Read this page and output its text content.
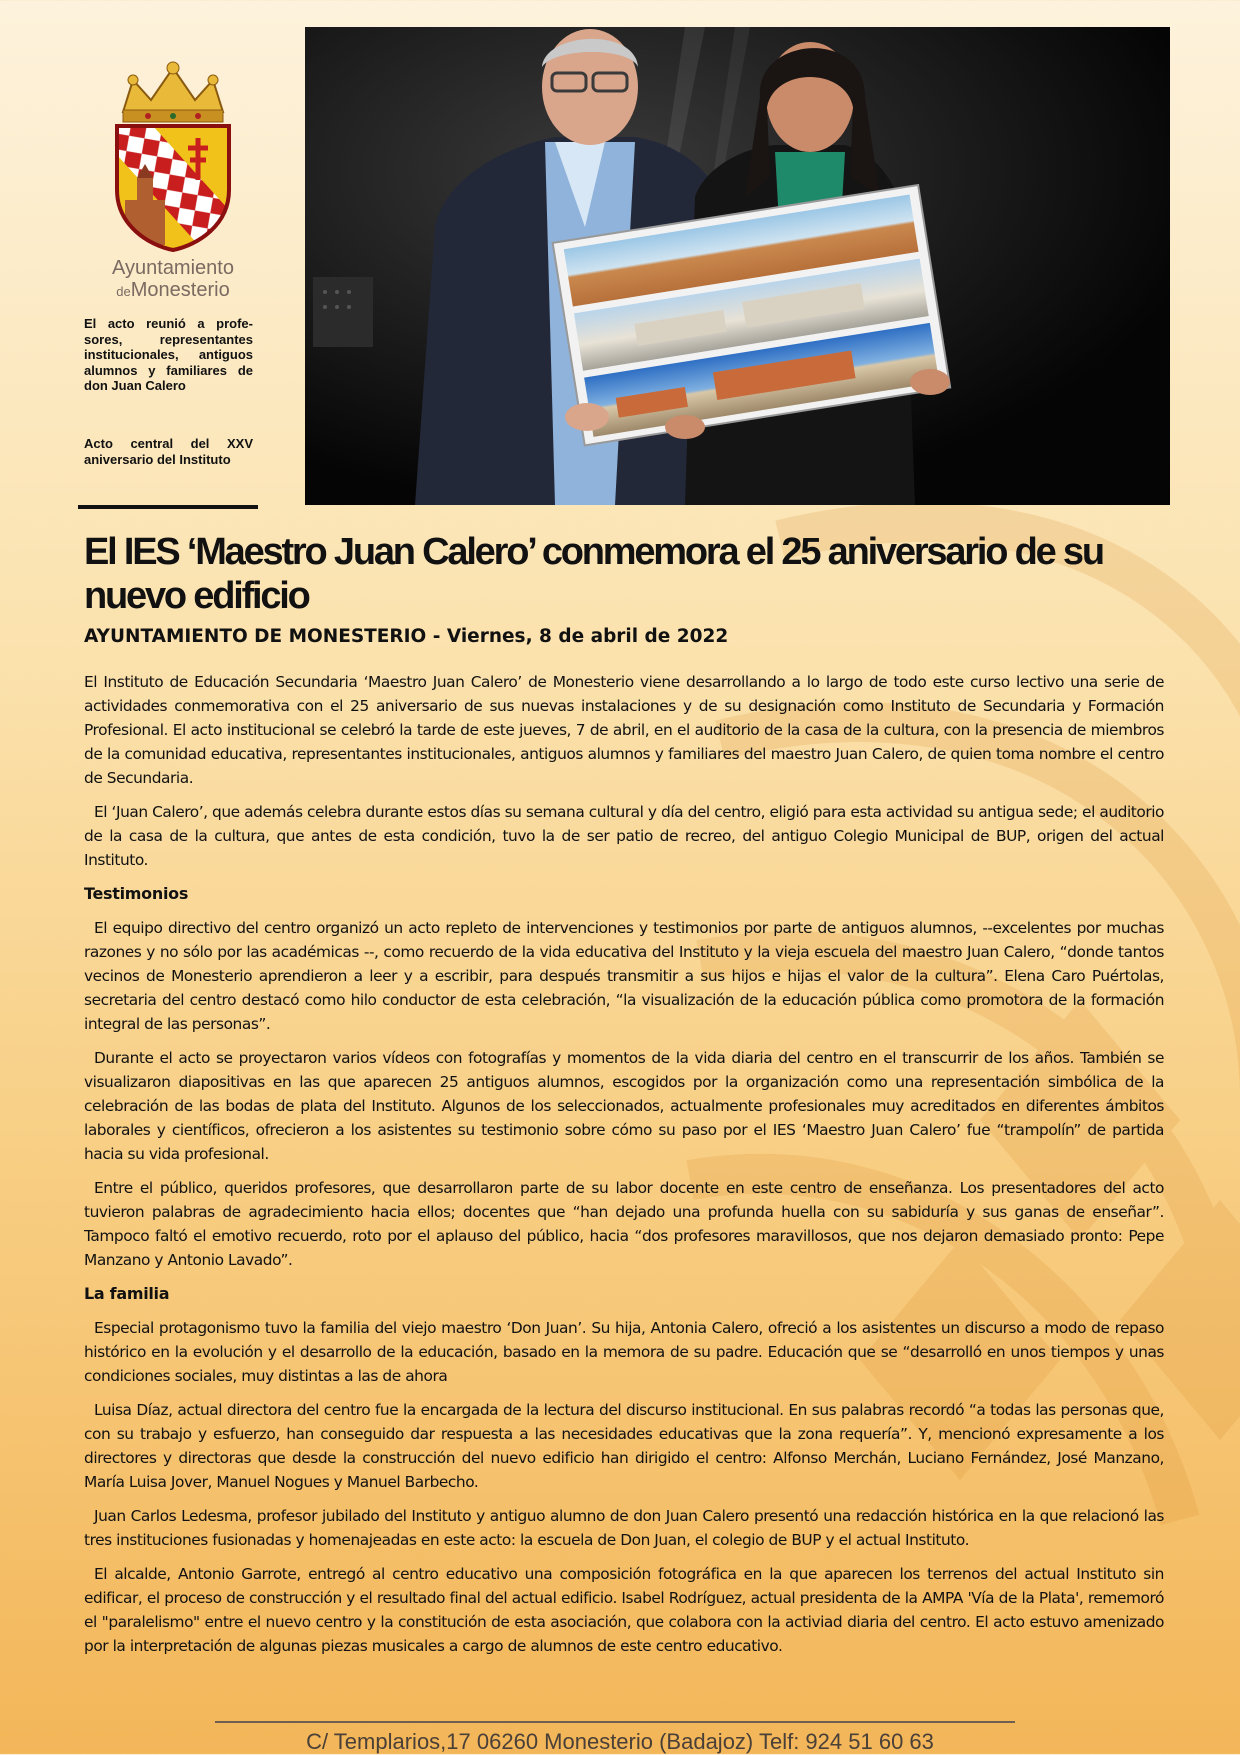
Ayuntamiento
deMonesterio
El acto reunió a profesores, representantes institucionales, antiguos alumnos y familiares de don Juan Calero
Acto central del XXV aniversario del Instituto
El IES ‘Maestro Juan Calero’ conmemora el 25 aniversario de su nuevo edificio

AYUNTAMIENTO DE MONESTERIO - Viernes, 8 de abril de 2022

El Instituto de Educación Secundaria ‘Maestro Juan Calero’ de Monesterio viene desarrollando a lo largo de todo este curso lectivo una serie de actividades conmemorativa con el 25 aniversario de sus nuevas instalaciones y de su designación como Instituto de Secundaria y Formación Profesional. El acto institucional se celebró la tarde de este jueves, 7 de abril, en el auditorio de la casa de la cultura, con la presencia de miembros de la comunidad educativa, representantes institucionales, antiguos alumnos y familiares del maestro Juan Calero, de quien toma nombre el centro de Secundaria.

El ‘Juan Calero’, que además celebra durante estos días su semana cultural y día del centro, eligió para esta actividad su antigua sede; el auditorio de la casa de la cultura, que antes de esta condición, tuvo la de ser patio de recreo, del antiguo Colegio Municipal de BUP, origen del actual Instituto.

Testimonios

El equipo directivo del centro organizó un acto repleto de intervenciones y testimonios por parte de antiguos alumnos, --excelentes por muchas razones y no sólo por las académicas --, como recuerdo de la vida educativa del Instituto y la vieja escuela del maestro Juan Calero, “donde tantos vecinos de Monesterio aprendieron a leer y a escribir, para después transmitir a sus hijos e hijas el valor de la cultura”. Elena Caro Puértolas, secretaria del centro destacó como hilo conductor de esta celebración, “la visualización de la educación pública como promotora de la formación integral de las personas”.

Durante el acto se proyectaron varios vídeos con fotografías y momentos de la vida diaria del centro en el transcurrir de los años. También se visualizaron diapositivas en las que aparecen 25 antiguos alumnos, escogidos por la organización como una representación simbólica de la celebración de las bodas de plata del Instituto. Algunos de los seleccionados, actualmente profesionales muy acreditados en diferentes ámbitos laborales y científicos, ofrecieron a los asistentes su testimonio sobre cómo su paso por el IES ‘Maestro Juan Calero’ fue “trampolín” de partida hacia su vida profesional.

Entre el público, queridos profesores, que desarrollaron parte de su labor docente en este centro de enseñanza. Los presentadores del acto tuvieron palabras de agradecimiento hacia ellos; docentes que “han dejado una profunda huella con su sabiduría y sus ganas de enseñar”. Tampoco faltó el emotivo recuerdo, roto por el aplauso del público, hacia “dos profesores maravillosos, que nos dejaron demasiado pronto: Pepe Manzano y Antonio Lavado”.

La familia

Especial protagonismo tuvo la familia del viejo maestro ‘Don Juan’. Su hija, Antonia Calero, ofreció a los asistentes un discurso a modo de repaso histórico en la evolución y el desarrollo de la educación, basado en la memora de su padre. Educación que se “desarrolló en unos tiempos y unas condiciones sociales, muy distintas a las de ahora

Luisa Díaz, actual directora del centro fue la encargada de la lectura del discurso institucional. En sus palabras recordó “a todas las personas que, con su trabajo y esfuerzo, han conseguido dar respuesta a las necesidades educativas que la zona requería”. Y, mencionó expresamente a los directores y directoras que desde la construcción del nuevo edificio han dirigido el centro: Alfonso Merchán, Luciano Fernández, José Manzano, María Luisa Jover, Manuel Nogues y Manuel Barbecho.

Juan Carlos Ledesma, profesor jubilado del Instituto y antiguo alumno de don Juan Calero presentó una redacción histórica en la que relacionó las tres instituciones fusionadas y homenajeadas en este acto: la escuela de Don Juan, el colegio de BUP y el actual Instituto.

El alcalde, Antonio Garrote, entregó al centro educativo una composición fotográfica en la que aparecen los terrenos del actual Instituto sin edificar, el proceso de construcción y el resultado final del actual edificio. Isabel Rodríguez, actual presidenta de la AMPA 'Vía de la Plata', rememoró el "paralelismo" entre el nuevo centro y la constitución de esta asociación, que colabora con la activiad diaria del centro. El acto estuvo amenizado por la interpretación de algunas piezas musicales a cargo de alumnos de este centro educativo.

C/ Templarios,17 06260 Monesterio (Badajoz) Telf: 924 51 60 63
